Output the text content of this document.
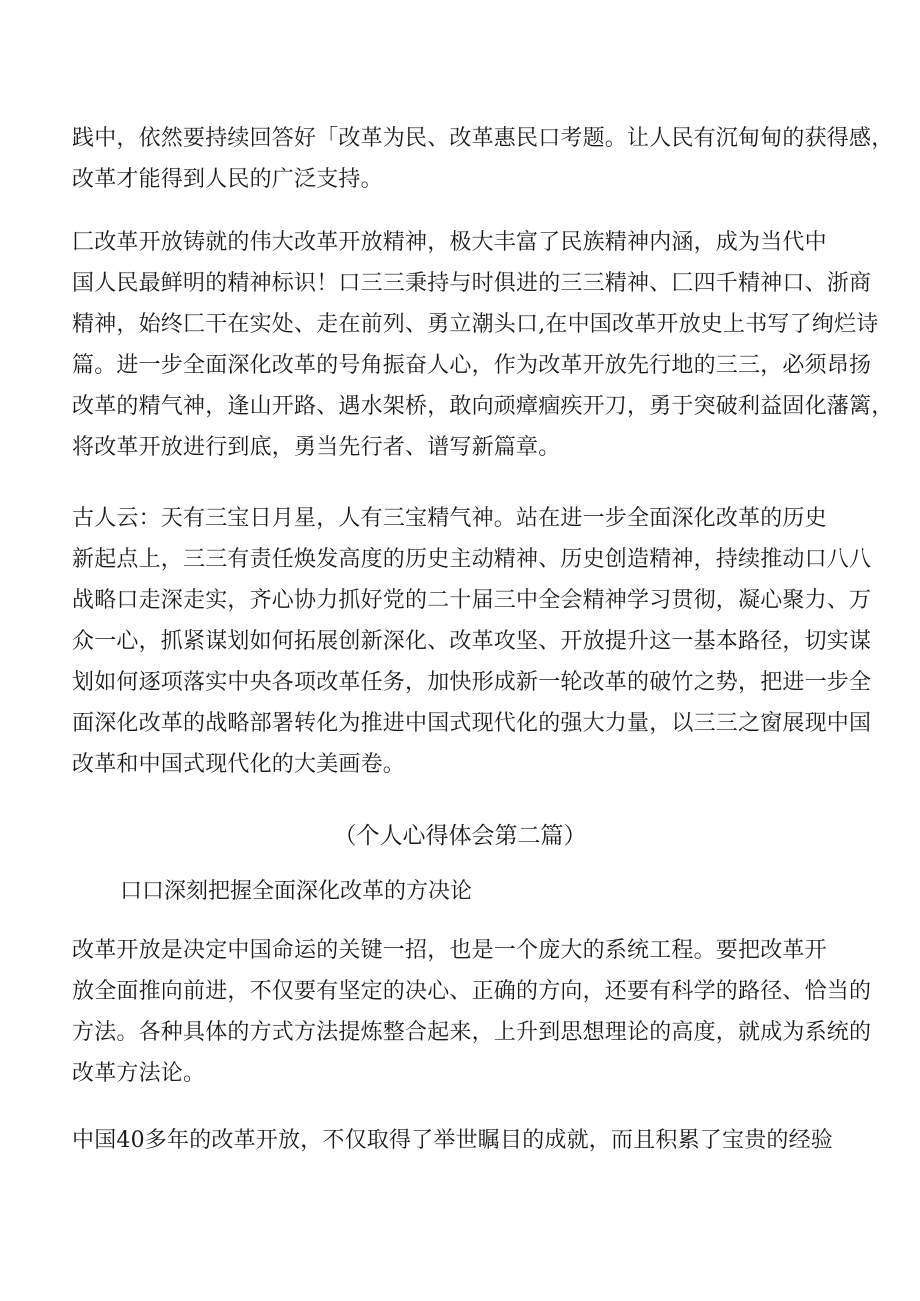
践中，依然要持续回答好「改革为民、改革惠民口考题。让人民有沉甸甸的获得感，
改革才能得到人民的广泛支持。
匚改革开放铸就的伟大改革开放精神，极大丰富了民族精神内涵，成为当代中
国人民最鲜明的精神标识！口三三秉持与时俱进的三三精神、匚四千精神口、浙商
精神，始终匚干在实处、走在前列、勇立潮头口,在中国改革开放史上书写了绚烂诗
篇。进一步全面深化改革的号角振奋人心，作为改革开放先行地的三三，必须昂扬
改革的精气神，逢山开路、遇水架桥，敢向顽瘴痼疾开刀，勇于突破利益固化藩篱，
将改革开放进行到底，勇当先行者、谱写新篇章。
古人云：天有三宝日月星，人有三宝精气神。站在进一步全面深化改革的历史
新起点上，三三有责任焕发高度的历史主动精神、历史创造精神，持续推动口八八
战略口走深走实，齐心协力抓好党的二十届三中全会精神学习贯彻，凝心聚力、万
众一心，抓紧谋划如何拓展创新深化、改革攻坚、开放提升这一基本路径，切实谋
划如何逐项落实中央各项改革任务，加快形成新一轮改革的破竹之势，把进一步全
面深化改革的战略部署转化为推进中国式现代化的强大力量，以三三之窗展现中国
改革和中国式现代化的大美画卷。
（个人心得体会第二篇）
口口深刻把握全面深化改革的方决论
改革开放是决定中国命运的关键一招，也是一个庞大的系统工程。要把改革开
放全面推向前进，不仅要有坚定的决心、正确的方向，还要有科学的路径、恰当的
方法。各种具体的方式方法提炼整合起来，上升到思想理论的高度，就成为系统的
改革方法论。
中国40多年的改革开放，不仅取得了举世瞩目的成就，而且积累了宝贵的经验
